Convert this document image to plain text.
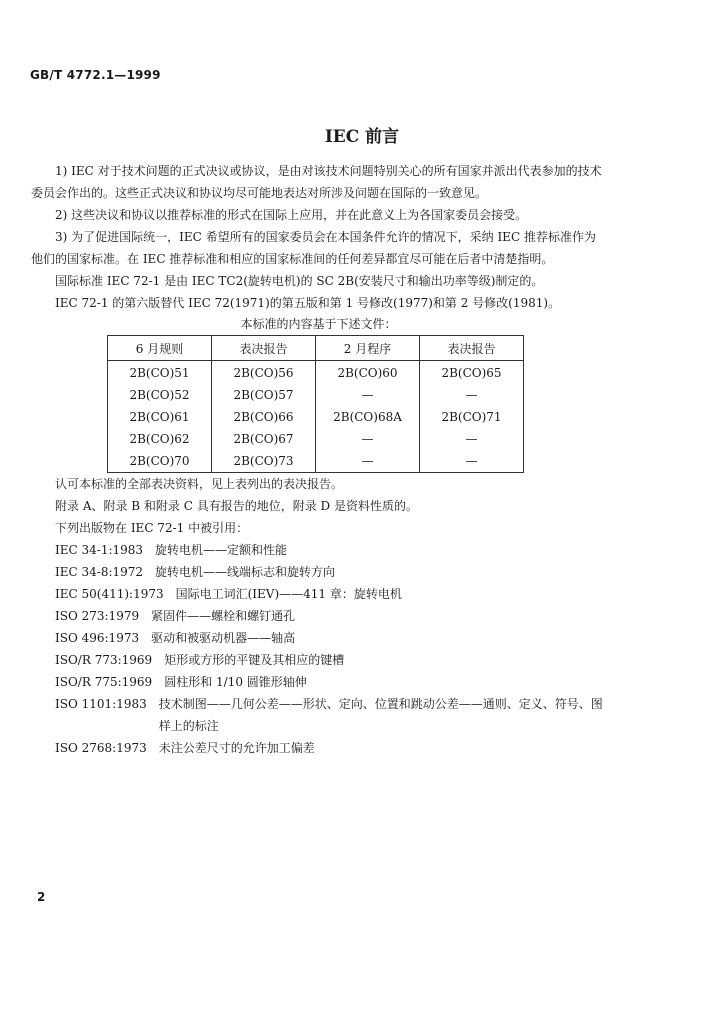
GB/T 4772.1—1999
IEC 前言

1) IEC 对于技术问题的正式决议或协议，是由对该技术问题特别关心的所有国家并派出代表参加的技术委员会作出的。这些正式决议和协议均尽可能地表达对所涉及问题在国际的一致意见。

2) 这些决议和协议以推荐标准的形式在国际上应用，并在此意义上为各国家委员会接受。

3) 为了促进国际统一，IEC 希望所有的国家委员会在本国条件允许的情况下，采纳 IEC 推荐标准作为他们的国家标准。在 IEC 推荐标准和相应的国家标准间的任何差异都宜尽可能在后者中清楚指明。

国际标准 IEC 72-1 是由 IEC TC2(旋转电机)的 SC 2B(安装尺寸和输出功率等级)制定的。

IEC 72-1 的第六版替代 IEC 72(1971)的第五版和第 1 号修改(1977)和第 2 号修改(1981)。

本标准的内容基于下述文件：

6 月规则	表决报告	2 月程序	表决报告
2B(CO)51	2B(CO)56	2B(CO)60	2B(CO)65
2B(CO)52	2B(CO)57	—	—
2B(CO)61	2B(CO)66	2B(CO)68A	2B(CO)71
2B(CO)62	2B(CO)67	—	—
2B(CO)70	2B(CO)73	—	—

认可本标准的全部表决资料，见上表列出的表决报告。

附录 A、附录 B 和附录 C 具有报告的地位，附录 D 是资料性质的。

下列出版物在 IEC 72-1 中被引用：

IEC 34-1:1983 旋转电机——定额和性能

IEC 34-8:1972 旋转电机——线端标志和旋转方向

IEC 50(411):1973 国际电工词汇(IEV)——411 章：旋转电机

ISO 273:1979 紧固件——螺栓和螺钉通孔

ISO 496:1973 驱动和被驱动机器——轴高

ISO/R 773:1969 矩形或方形的平键及其相应的键槽

ISO/R 775:1969 圆柱形和 1/10 圆锥形轴伸

ISO 1101:1983 技术制图——几何公差——形状、定向、位置和跳动公差——通则、定义、符号、图样上的标注

ISO 2768:1973 未注公差尺寸的允许加工偏差

2
